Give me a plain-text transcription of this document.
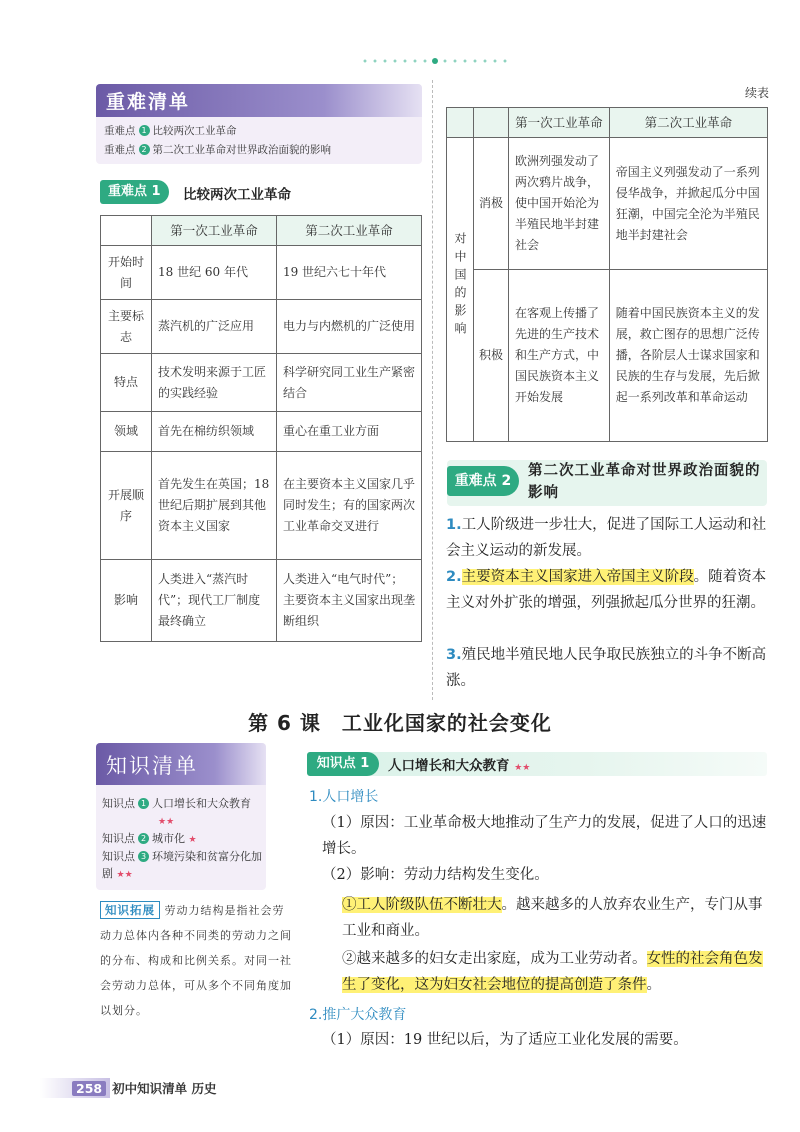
重难清单
重难点 1 比较两次工业革命
重难点 2 第二次工业革命对世界政治面貌的影响
重难点 1	比较两次工业革命
	第一次工业革命	第二次工业革命
开始时间	18 世纪 60 年代	19 世纪六七十年代
主要标志	蒸汽机的广泛应用	电力与内燃机的广泛使用
特点	技术发明来源于工匠的实践经验	科学研究同工业生产紧密结合
领域	首先在棉纺织领域	重心在重工业方面
开展顺序	首先发生在英国；18 世纪后期扩展到其他资本主义国家	在主要资本主义国家几乎同时发生；有的国家两次工业革命交叉进行
影响	人类进入“蒸汽时代”；现代工厂制度最终确立	人类进入“电气时代”；主要资本主义国家出现垄断组织
续表
		第一次工业革命	第二次工业革命
对中国的影响	消极	欧洲列强发动了两次鸦片战争，使中国开始沦为半殖民地半封建社会	帝国主义列强发动了一系列侵华战争，并掀起瓜分中国狂潮，中国完全沦为半殖民地半封建社会
	积极	在客观上传播了先进的生产技术和生产方式，中国民族资本主义开始发展	随着中国民族资本主义的发展，救亡图存的思想广泛传播，各阶层人士谋求国家和民族的生存与发展，先后掀起一系列改革和革命运动
重难点 2
第二次工业革命对世界政治面貌的影响
1.工人阶级进一步壮大，促进了国际工人运动和社会主义运动的新发展。
2.主要资本主义国家进入帝国主义阶段。随着资本主义对外扩张的增强，列强掀起瓜分世界的狂潮。
3.殖民地半殖民地人民争取民族独立的斗争不断高涨。
第 6 课　工业化国家的社会变化
知识清单
知识点 1 人口增长和大众教育
★★
知识点 2 城市化 ★
知识点 3 环境污染和贫富分化加剧 ★★
知识拓展 劳动力结构是指社会劳动力总体内各种不同类的劳动力之间的分布、构成和比例关系。对同一社会劳动力总体，可从多个不同角度加以划分。
知识点 1	人口增长和大众教育 ★★
1.人口增长
（1）原因：工业革命极大地推动了生产力的发展，促进了人口的迅速增长。
（2）影响：劳动力结构发生变化。
①工人阶级队伍不断壮大。越来越多的人放弃农业生产，专门从事工业和商业。
②越来越多的妇女走出家庭，成为工业劳动者。女性的社会角色发生了变化，这为妇女社会地位的提高创造了条件。
2.推广大众教育
（1）原因：19 世纪以后，为了适应工业化发展的需要。
258 初中知识清单 历史
